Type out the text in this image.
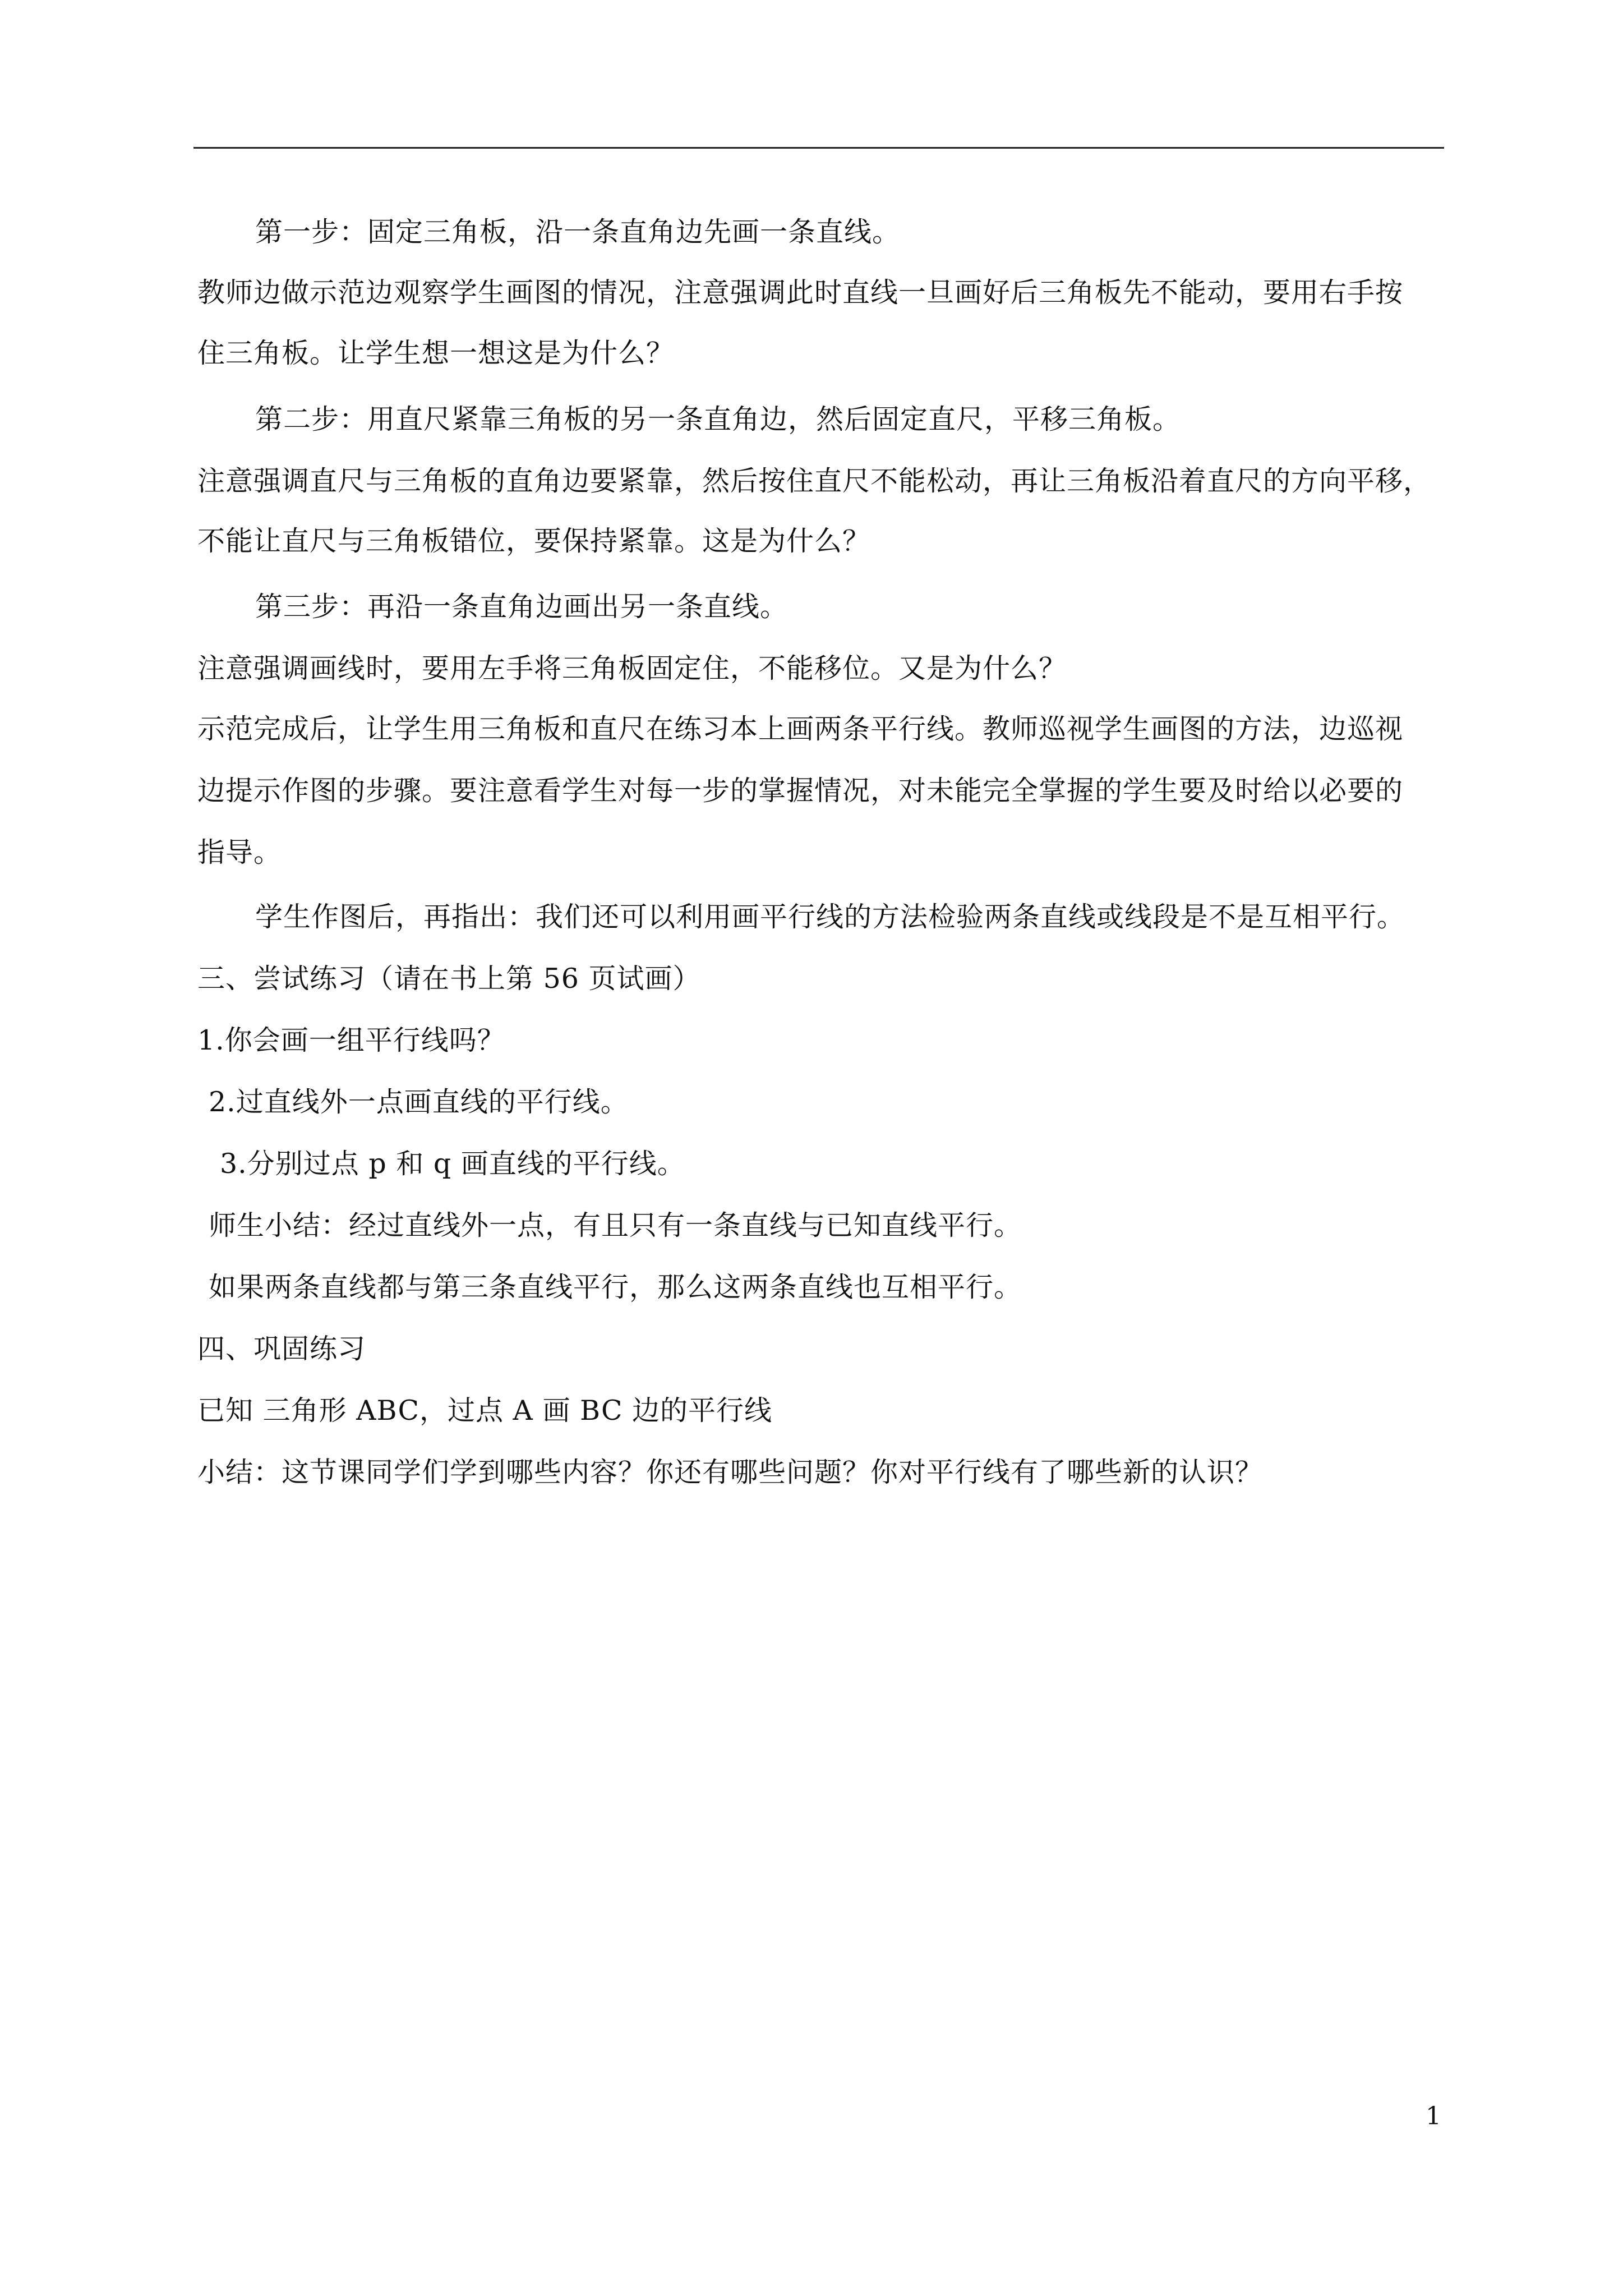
第一步：固定三角板，沿一条直角边先画一条直线。
教师边做示范边观察学生画图的情况，注意强调此时直线一旦画好后三角板先不能动，要用右手按
住三角板。让学生想一想这是为什么？
第二步：用直尺紧靠三角板的另一条直角边，然后固定直尺，平移三角板。
注意强调直尺与三角板的直角边要紧靠，然后按住直尺不能松动，再让三角板沿着直尺的方向平移，
不能让直尺与三角板错位，要保持紧靠。这是为什么？
第三步：再沿一条直角边画出另一条直线。
注意强调画线时，要用左手将三角板固定住，不能移位。又是为什么？
示范完成后，让学生用三角板和直尺在练习本上画两条平行线。教师巡视学生画图的方法，边巡视
边提示作图的步骤。要注意看学生对每一步的掌握情况，对未能完全掌握的学生要及时给以必要的
指导。
学生作图后，再指出：我们还可以利用画平行线的方法检验两条直线或线段是不是互相平行。
三、尝试练习（请在书上第 56 页试画）
1.你会画一组平行线吗？
2.过直线外一点画直线的平行线。
3.分别过点 p 和 q 画直线的平行线。
师生小结：经过直线外一点，有且只有一条直线与已知直线平行。
如果两条直线都与第三条直线平行，那么这两条直线也互相平行。
四、巩固练习
已知 三角形 ABC，过点 A 画 BC 边的平行线
小结：这节课同学们学到哪些内容？你还有哪些问题？你对平行线有了哪些新的认识？
1
